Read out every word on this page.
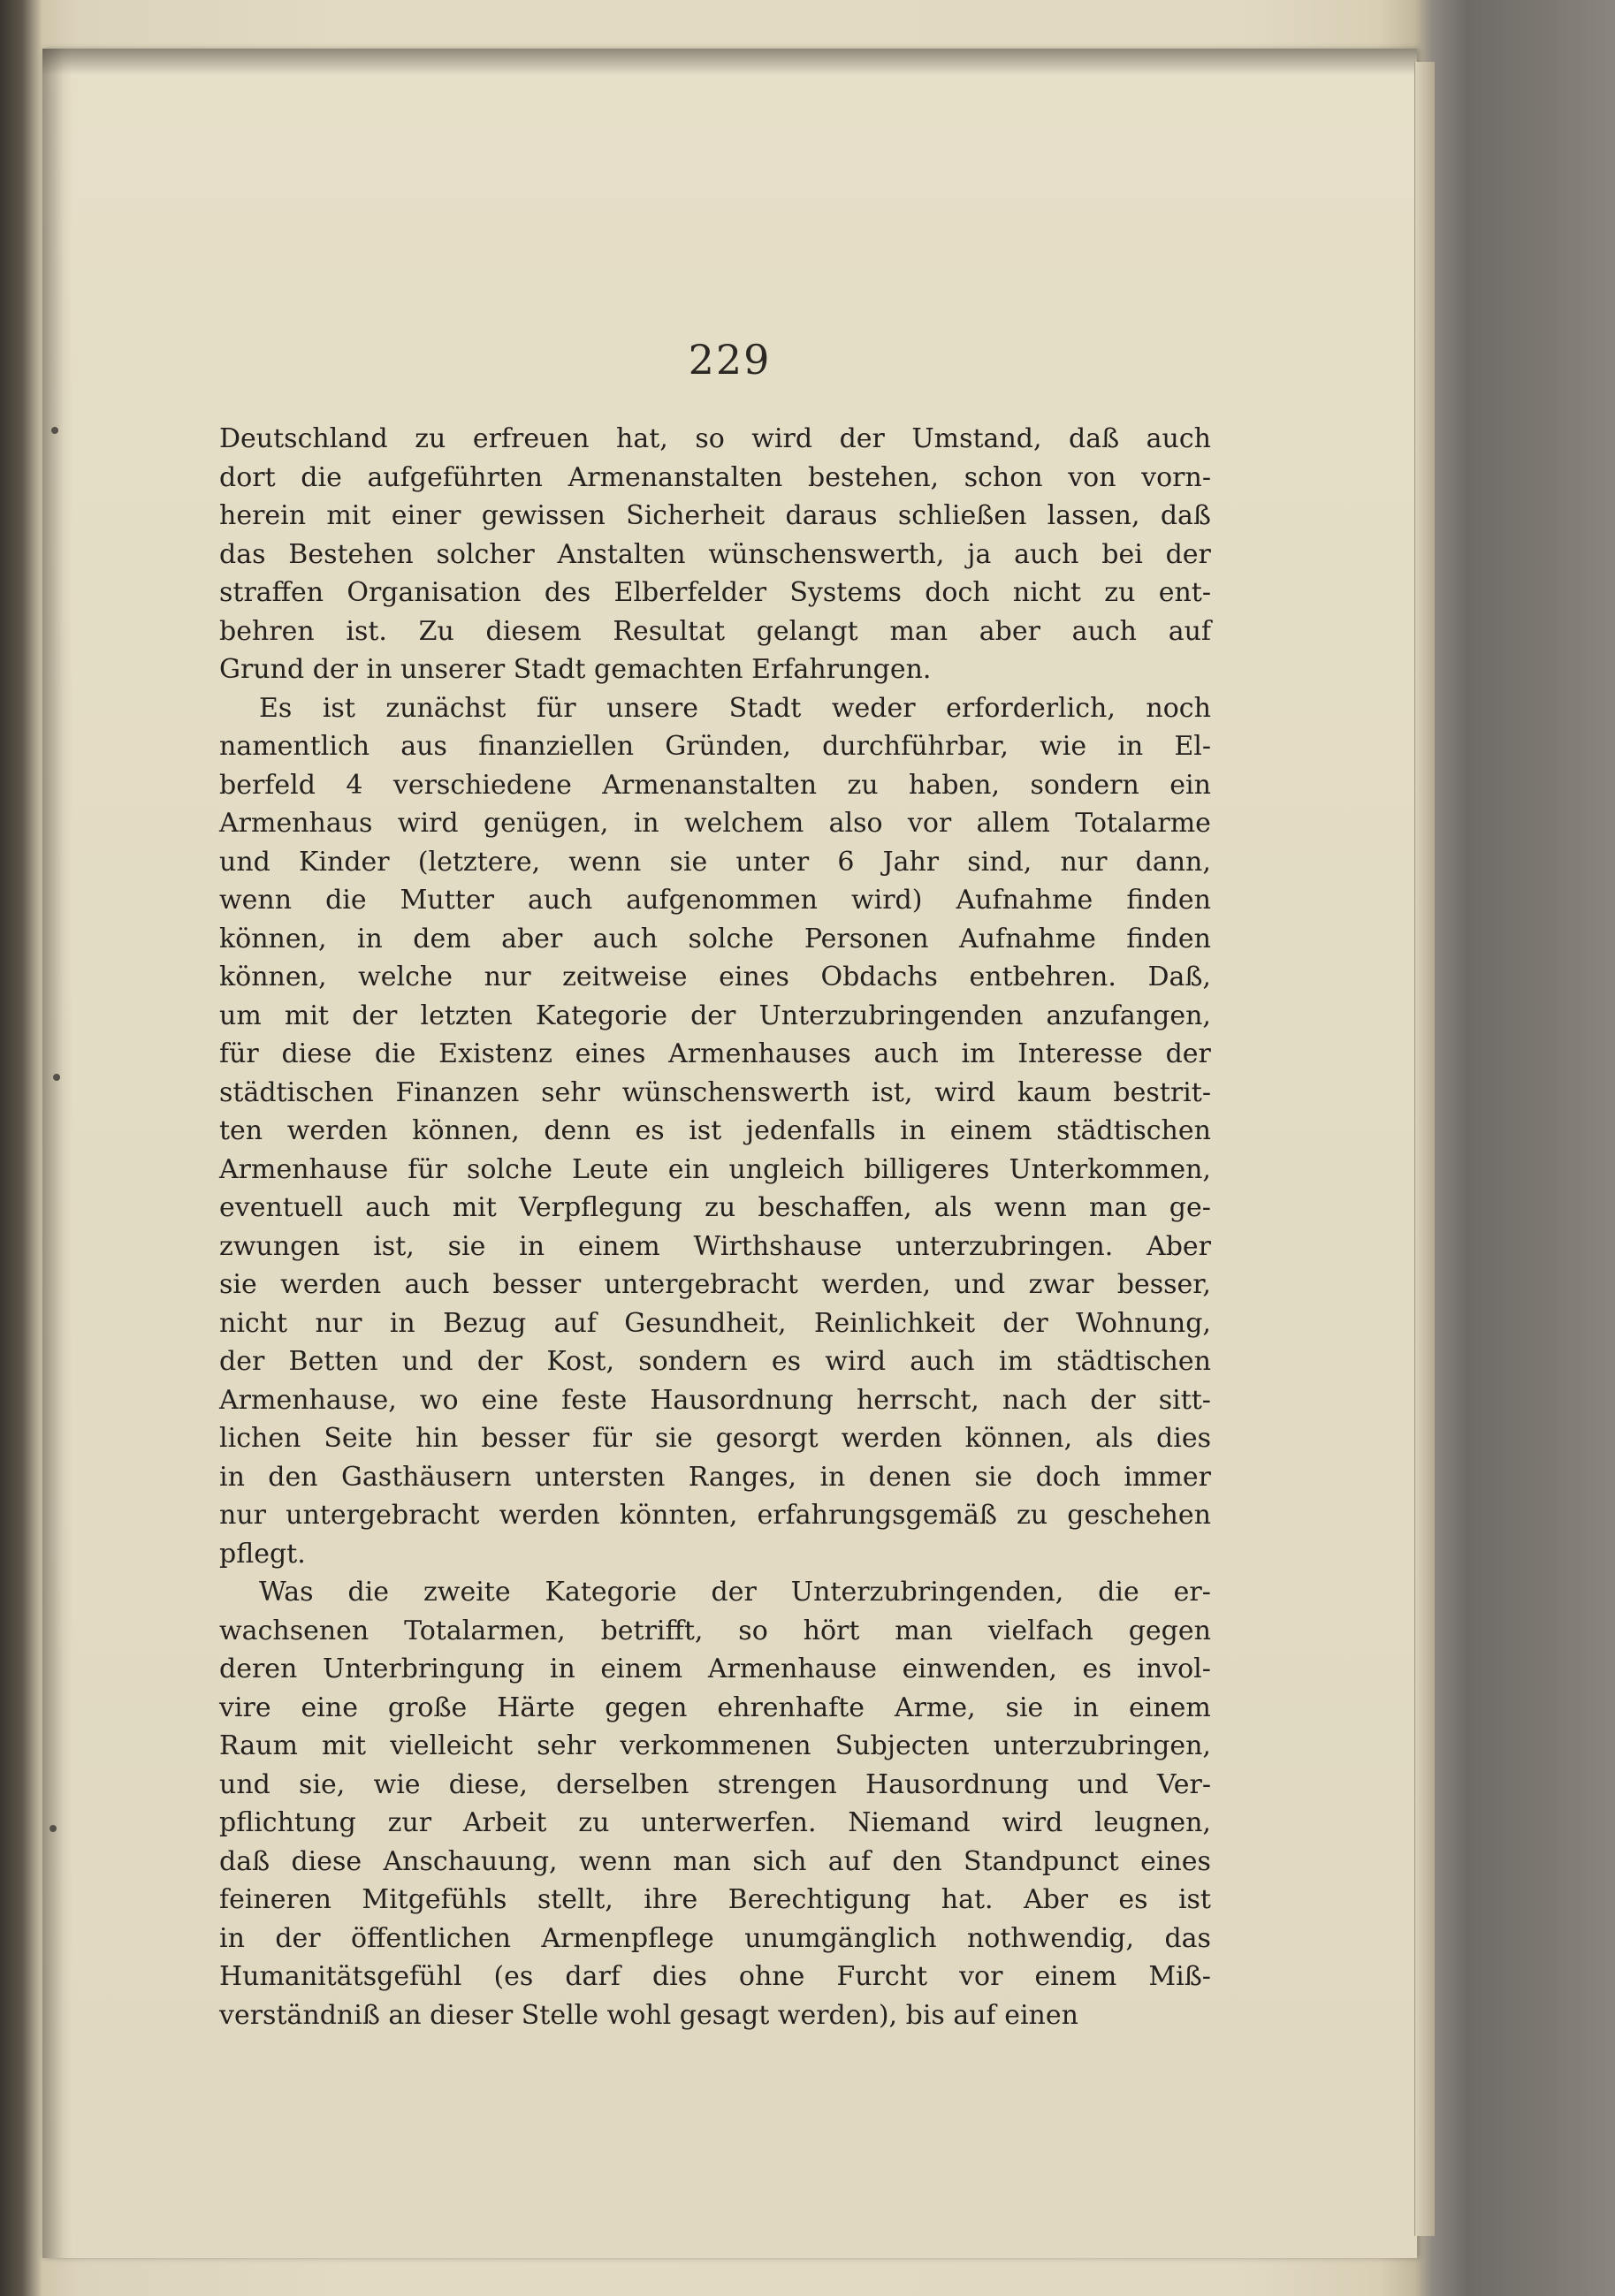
229
Deutschland zu erfreuen hat, so wird der Umstand, daß auch
dort die aufgeführten Armenanstalten bestehen, schon von vorn-
herein mit einer gewissen Sicherheit daraus schließen lassen, daß
das Bestehen solcher Anstalten wünschenswerth, ja auch bei der
straffen Organisation des Elberfelder Systems doch nicht zu ent-
behren ist. Zu diesem Resultat gelangt man aber auch auf
Grund der in unserer Stadt gemachten Erfahrungen.
Es ist zunächst für unsere Stadt weder erforderlich, noch
namentlich aus finanziellen Gründen, durchführbar, wie in El-
berfeld 4 verschiedene Armenanstalten zu haben, sondern ein
Armenhaus wird genügen, in welchem also vor allem Totalarme
und Kinder (letztere, wenn sie unter 6 Jahr sind, nur dann,
wenn die Mutter auch aufgenommen wird) Aufnahme finden
können, in dem aber auch solche Personen Aufnahme finden
können, welche nur zeitweise eines Obdachs entbehren. Daß,
um mit der letzten Kategorie der Unterzubringenden anzufangen,
für diese die Existenz eines Armenhauses auch im Interesse der
städtischen Finanzen sehr wünschenswerth ist, wird kaum bestrit-
ten werden können, denn es ist jedenfalls in einem städtischen
Armenhause für solche Leute ein ungleich billigeres Unterkommen,
eventuell auch mit Verpflegung zu beschaffen, als wenn man ge-
zwungen ist, sie in einem Wirthshause unterzubringen. Aber
sie werden auch besser untergebracht werden, und zwar besser,
nicht nur in Bezug auf Gesundheit, Reinlichkeit der Wohnung,
der Betten und der Kost, sondern es wird auch im städtischen
Armenhause, wo eine feste Hausordnung herrscht, nach der sitt-
lichen Seite hin besser für sie gesorgt werden können, als dies
in den Gasthäusern untersten Ranges, in denen sie doch immer
nur untergebracht werden könnten, erfahrungsgemäß zu geschehen
pflegt.
Was die zweite Kategorie der Unterzubringenden, die er-
wachsenen Totalarmen, betrifft, so hört man vielfach gegen
deren Unterbringung in einem Armenhause einwenden, es invol-
vire eine große Härte gegen ehrenhafte Arme, sie in einem
Raum mit vielleicht sehr verkommenen Subjecten unterzubringen,
und sie, wie diese, derselben strengen Hausordnung und Ver-
pflichtung zur Arbeit zu unterwerfen. Niemand wird leugnen,
daß diese Anschauung, wenn man sich auf den Standpunct eines
feineren Mitgefühls stellt, ihre Berechtigung hat. Aber es ist
in der öffentlichen Armenpflege unumgänglich nothwendig, das
Humanitätsgefühl (es darf dies ohne Furcht vor einem Miß-
verständniß an dieser Stelle wohl gesagt werden), bis auf einen
